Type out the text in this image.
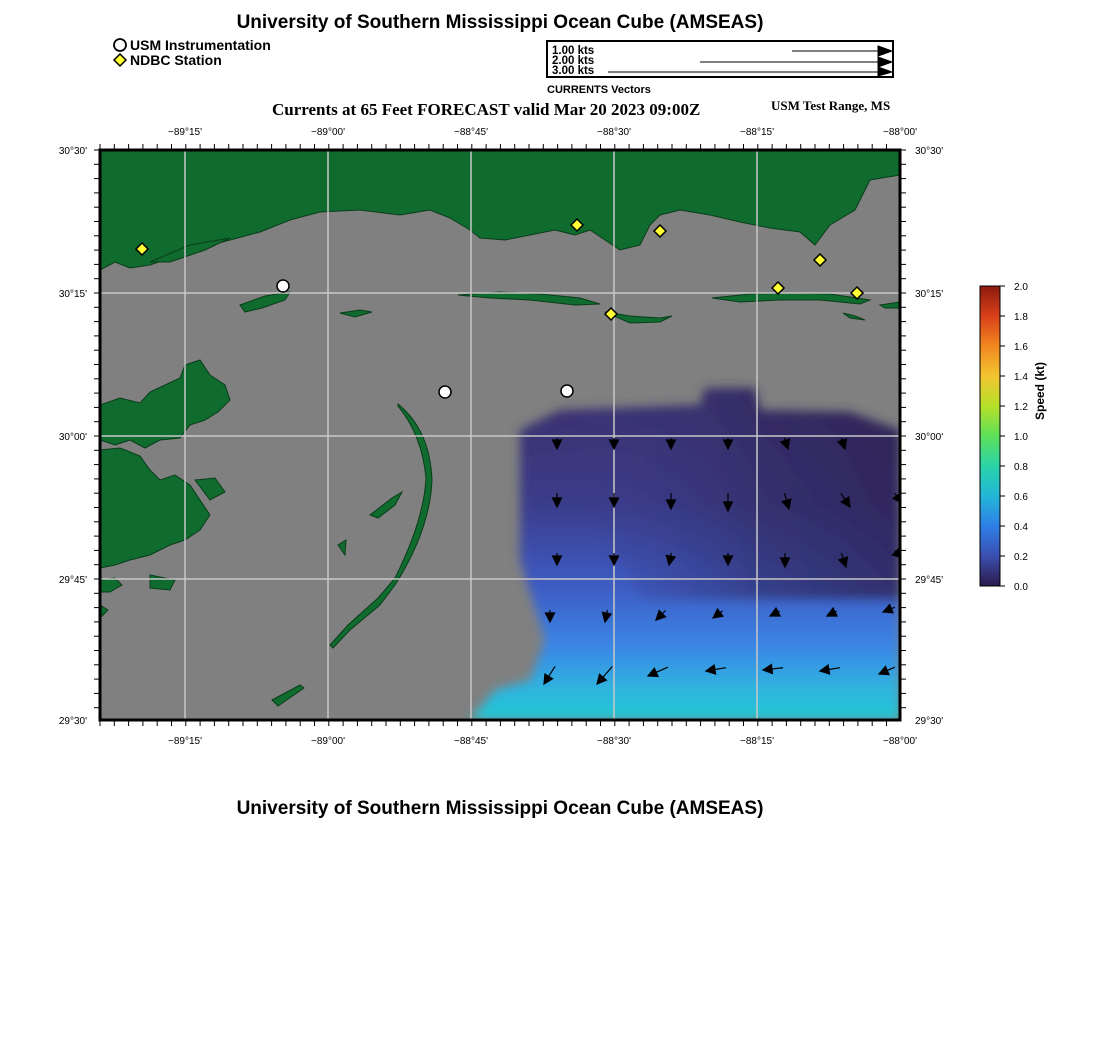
University of Southern Mississippi Ocean Cube (AMSEAS)
USM Instrumentation
NDBC Station
1.00 kts
2.00 kts
3.00 kts
CURRENTS Vectors
Currents at 65 Feet FORECAST valid Mar 20 2023 09:00Z	USM Test Range, MS
−89°15'	−89°00'	−88°45'	−88°30'	−88°15'	−88°00'
−89°15'	−89°00'	−88°45'	−88°30'	−88°15'	−88°00'
30°30'
30°15'
30°00'
29°45'
29°30'
30°30'
30°15'
30°00'
29°45'
29°30'
2.0
1.8
1.6
1.4
1.2
1.0
0.8
0.6
0.4
0.2
0.0
Speed (kt)
University of Southern Mississippi Ocean Cube (AMSEAS)
